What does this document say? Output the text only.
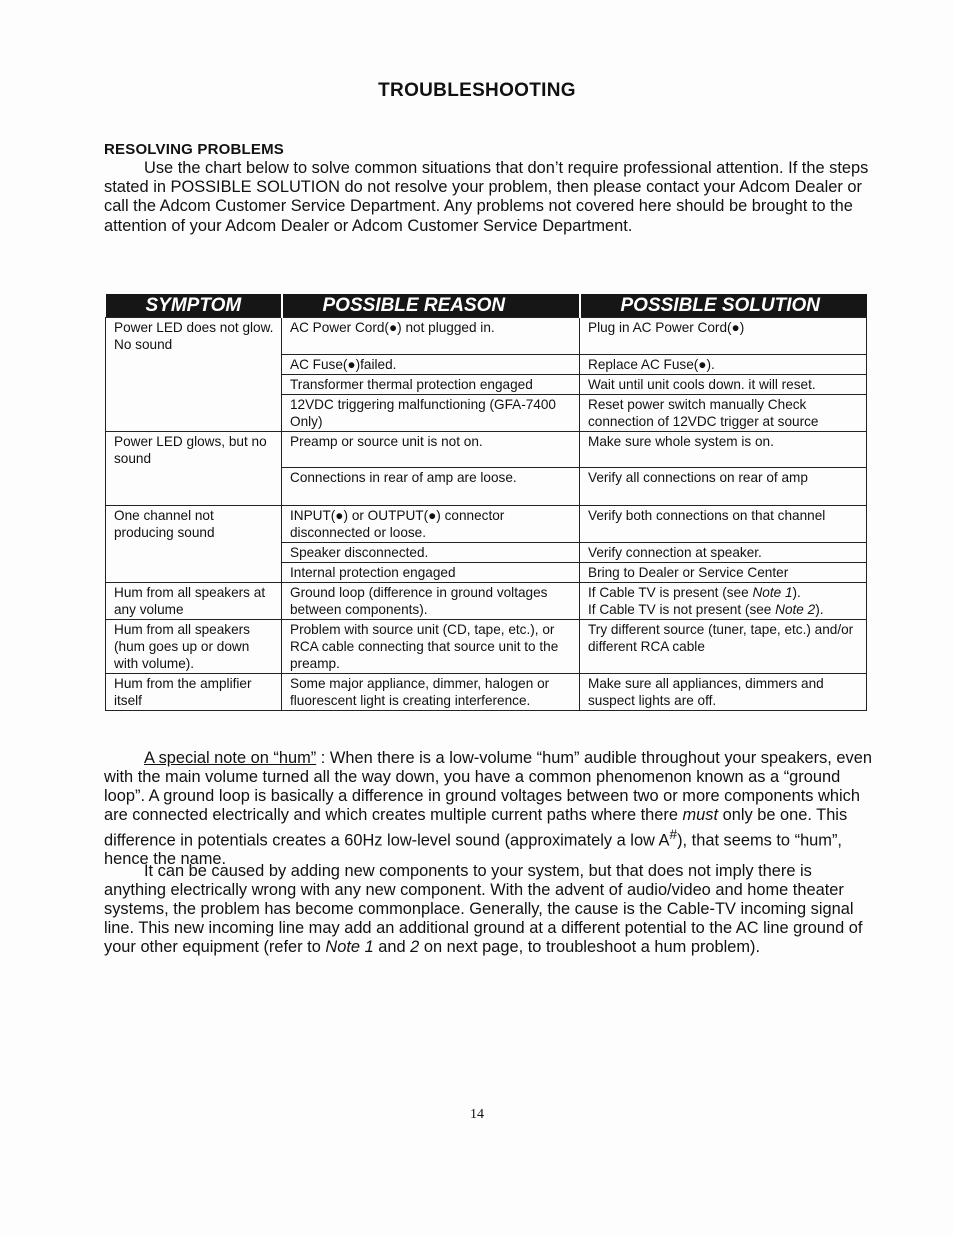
TROUBLESHOOTING
RESOLVING PROBLEMS
Use the chart below to solve common situations that don’t require professional attention. If the steps stated in POSSIBLE SOLUTION do not resolve your problem, then please contact your Adcom Dealer or call the Adcom Customer Service Department. Any problems not covered here should be brought to the attention of your Adcom Dealer or Adcom Customer Service Department.
SYMPTOM	POSSIBLE REASON	POSSIBLE SOLUTION
Power LED does not glow. No sound	AC Power Cord(●) not plugged in.	Plug in AC Power Cord(●)
	AC Fuse(●)failed.	Replace AC Fuse(●).
	Transformer thermal protection engaged	Wait until unit cools down. it will reset.
	12VDC triggering malfunctioning (GFA-7400 Only)	Reset power switch manually Check connection of 12VDC trigger at source
Power LED glows, but no sound	Preamp or source unit is not on.	Make sure whole system is on.
	Connections in rear of amp are loose.	Verify all connections on rear of amp
One channel not producing sound	INPUT(●) or OUTPUT(●) connector disconnected or loose.	Verify both connections on that channel
	Speaker disconnected.	Verify connection at speaker.
	Internal protection engaged	Bring to Dealer or Service Center
Hum from all speakers at any volume	Ground loop (difference in ground voltages between components).	If Cable TV is present (see Note 1).
If Cable TV is not present (see Note 2).

Hum from all speakers (hum goes up or down with volume).	Problem with source unit (CD, tape, etc.), or RCA cable connecting that source unit to the preamp.	Try different source (tuner, tape, etc.) and/or different RCA cable
Hum from the amplifier itself	Some major appliance, dimmer, halogen or fluorescent light is creating interference.	Make sure all appliances, dimmers and suspect lights are off.
A special note on “hum” : When there is a low-volume “hum” audible throughout your speakers, even with the main volume turned all the way down, you have a common phenomenon known as a “ground loop”. A ground loop is basically a difference in ground voltages between two or more components which are connected electrically and which creates multiple current paths where there must only be one. This difference in potentials creates a 60Hz low-level sound (approximately a low A#), that seems to “hum”, hence the name.
It can be caused by adding new components to your system, but that does not imply there is anything electrically wrong with any new component. With the advent of audio/video and home theater systems, the problem has become commonplace. Generally, the cause is the Cable-TV incoming signal line. This new incoming line may add an additional ground at a different potential to the AC line ground of your other equipment (refer to Note 1 and 2 on next page, to troubleshoot a hum problem).
14
